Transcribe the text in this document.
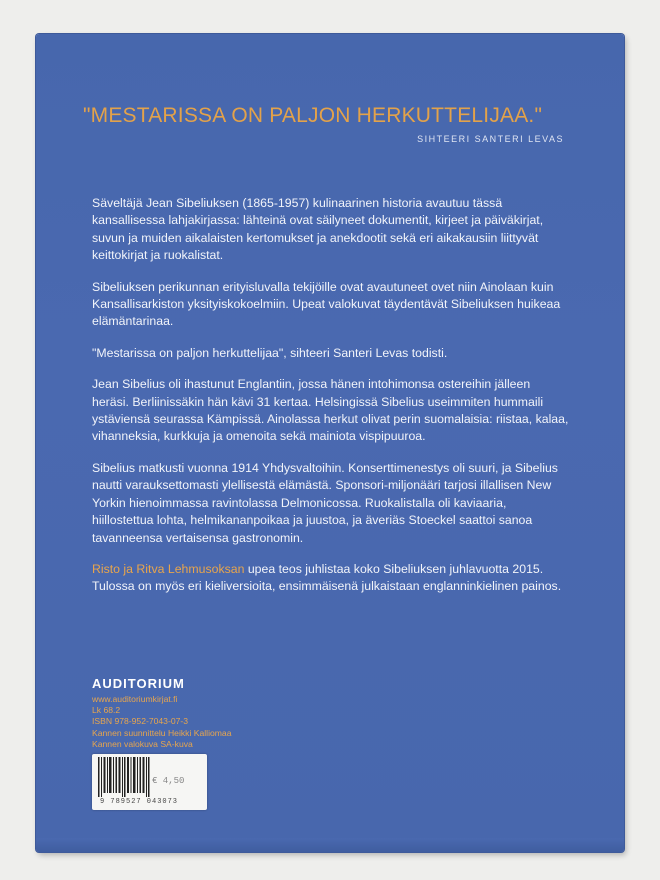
"MESTARISSA ON PALJON HERKUTTELIJAA."

SIHTEERI SANTERI LEVAS

Säveltäjä Jean Sibeliuksen (1865-1957) kulinaarinen historia avautuu tässä kansallisessa lahjakirjassa: lähteinä ovat säilyneet dokumentit, kirjeet ja päiväkirjat, suvun ja muiden aikalaisten kertomukset ja anekdootit sekä eri aikakausiin liittyvät keittokirjat ja ruokalistat.

Sibeliuksen perikunnan erityisluvalla tekijöille ovat avautuneet ovet niin Ainolaan kuin Kansallisarkiston yksityiskokoelmiin. Upeat valokuvat täydentävät Sibeliuksen huikeaa elämäntarinaa.

"Mestarissa on paljon herkuttelijaa", sihteeri Santeri Levas todisti.

Jean Sibelius oli ihastunut Englantiin, jossa hänen intohimonsa ostereihin jälleen heräsi. Berliinissäkin hän kävi 31 kertaa. Helsingissä Sibelius useimmiten hummaili ystäviensä seurassa Kämpissä. Ainolassa herkut olivat perin suomalaisia: riistaa, kalaa, vihanneksia, kurkkuja ja omenoita sekä mainiota vispipuuroa.

Sibelius matkusti vuonna 1914 Yhdysvaltoihin. Konserttimenestys oli suuri, ja Sibelius nautti varauksettomasti ylellisestä elämästä. Sponsori-miljonääri tarjosi illallisen New Yorkin hienoimmassa ravintolassa Delmonicossa. Ruokalistalla oli kaviaaria, hiillostettua lohta, helmikananpoikaa ja juustoa, ja äveriäs Stoeckel saattoi sanoa tavanneensa vertaisensa gastronomin.

Risto ja Ritva Lehmusoksan upea teos juhlistaa koko Sibeliuksen juhlavuotta 2015. Tulossa on myös eri kieliversioita, ensimmäisenä julkaistaan englanninkielinen painos.

AUDITORIUM
www.auditoriumkirjat.fi
Lk 68.2
ISBN 978-952-7043-07-3
Kannen suunnittelu Heikki Kalliomaa
Kannen valokuva SA-kuva
€ 4,50
9 789527 043073
